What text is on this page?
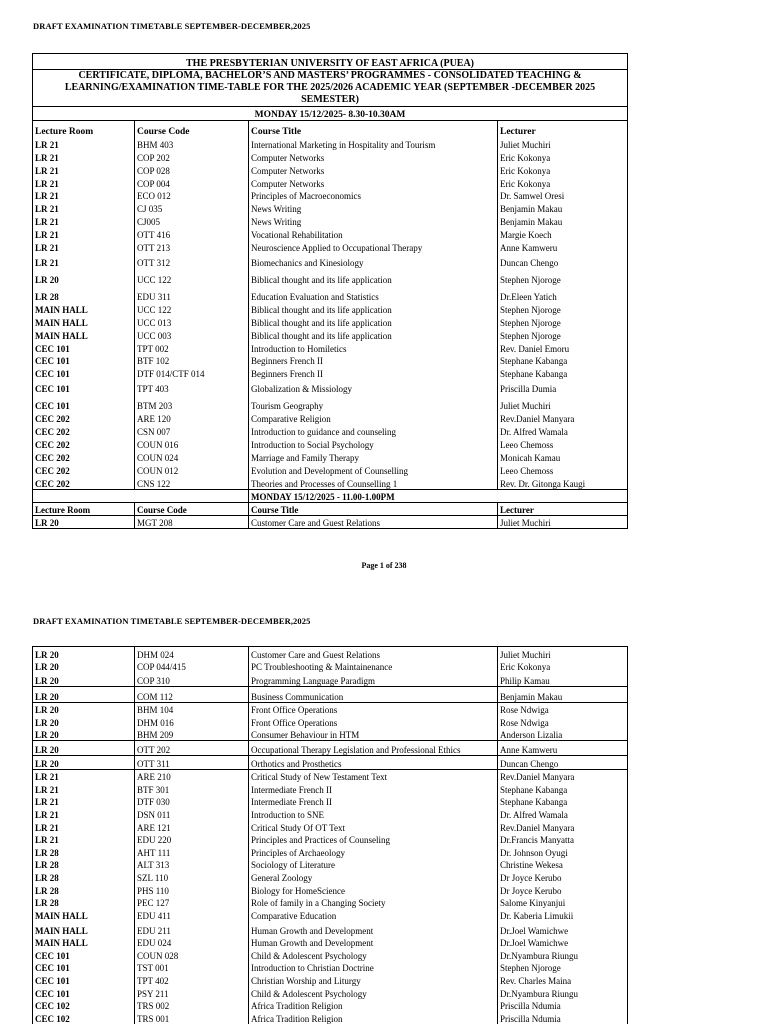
DRAFT EXAMINATION TIMETABLE SEPTEMBER-DECEMBER,2025
THE PRESBYTERIAN UNIVERSITY OF EAST AFRICA (PUEA)			

CERTIFICATE, DIPLOMA, BACHELOR’S AND MASTERS’ PROGRAMMES - CONSOLIDATED TEACHING &
LEARNING/EXAMINATION TIME-TABLE FOR THE 2025/2026 ACADEMIC YEAR (SEPTEMBER -DECEMBER 2025 SEMESTER)			

MONDAY 15/12/2025- 8.30-10.30AM			
Lecture Room	Course Code	Course Title	Lecturer
LR 21	BHM 403	International Marketing in Hospitality and Tourism	Juliet Muchiri
LR 21	COP 202	Computer Networks	Eric Kokonya
LR 21	COP 028	Computer Networks	Eric Kokonya
LR 21	COP 004	Computer Networks	Eric Kokonya
LR 21	ECO 012	Principles of Macroeconomics	Dr. Samwel Oresi
LR 21	CJ 035	News Writing	Benjamin Makau
LR 21	CJ005	News Writing	Benjamin Makau
LR 21	OTT 416	Vocational Rehabilitation	Margie Koech
LR 21	OTT 213	Neuroscience Applied to Occupational Therapy	Anne Kamweru
LR 21	OTT 312	Biomechanics and Kinesiology	Duncan Chengo
LR 20	UCC 122	Biblical thought and its life application	Stephen Njoroge
LR 28	EDU 311	Education Evaluation and Statistics	Dr.Eleen Yatich
MAIN HALL	UCC 122	Biblical thought and its life application	Stephen Njoroge
MAIN HALL	UCC 013	Biblical thought and its life application	Stephen Njoroge
MAIN HALL	UCC 003	Biblical thought and its life application	Stephen Njoroge
CEC 101	TPT 002	Introduction to Homiletics	Rev. Daniel Emoru
CEC 101	BTF 102	Beginners French II	Stephane Kabanga
CEC 101	DTF 014/CTF 014	Beginners French II	Stephane Kabanga
CEC 101	TPT 403	Globalization & Missiology	Priscilla Dumia
CEC 101	BTM 203	Tourism Geography	Juliet Muchiri
CEC 202	ARE 120	Comparative Religion	Rev.Daniel Manyara
CEC 202	CSN 007	Introduction to guidance and counseling	Dr. Alfred Wamala
CEC 202	COUN 016	Introduction to Social Psychology	Leeo Chemoss
CEC 202	COUN 024	Marriage and Family Therapy	Monicah Kamau
CEC 202	COUN 012	Evolution and Development of Counselling	Leeo Chemoss
CEC 202	CNS 122	Theories and Processes of Counselling 1	Rev. Dr. Gitonga Kaugi
		MONDAY 15/12/2025 - 11.00-1.00PM	
Lecture Room	Course Code	Course Title	Lecturer
LR 20	MGT 208	Customer Care and Guest Relations	Juliet Muchiri
Page 1 of 238
DRAFT EXAMINATION TIMETABLE SEPTEMBER-DECEMBER,2025
LR 20	DHM 024	Customer Care and Guest Relations	Juliet Muchiri
LR 20	COP 044/415	PC Troubleshooting & Maintainenance	Eric Kokonya
LR 20	COP 310	Programming Language Paradigm	Philip Kamau
LR 20	COM 112	Business Communication	Benjamin Makau
LR 20	BHM 104	Front Office Operations	Rose Ndwiga
LR 20	DHM 016	Front Office Operations	Rose Ndwiga
LR 20	BHM 209	Consumer Behaviour in HTM	Anderson Lizalia
LR 20	OTT 202	Occupational Therapy Legislation and Professional Ethics	Anne Kamweru
LR 20	OTT 311	Orthotics and Prosthetics	Duncan Chengo
LR 21	ARE 210	Critical Study of New Testament Text	Rev.Daniel Manyara
LR 21	BTF 301	Intermediate French II	Stephane Kabanga
LR 21	DTF 030	Intermediate French II	Stephane Kabanga
LR 21	DSN 011	Introduction to SNE	Dr. Alfred Wamala
LR 21	ARE 121	Critical Study Of OT Text	Rev.Daniel Manyara
LR 21	EDU 220	Principles and Practices of Counseling	Dr.Francis Manyatta
LR 28	AHT 111	Principles of Archaeology	Dr. Johnson Oyugi
LR 28	ALT 313	Sociology of Literature	Christine Wekesa
LR 28	SZL 110	General Zoology	Dr Joyce Kerubo
LR 28	PHS 110	Biology for HomeScience	Dr Joyce Kerubo
LR 28	PEC 127	Role of family in a Changing Society	Salome Kinyanjui
MAIN HALL	EDU 411	Comparative Education	Dr. Kaberia Limukii
MAIN HALL	EDU 211	Human Growth and Development	Dr.Joel Wamichwe
MAIN HALL	EDU 024	Human Growth and Development	Dr.Joel Wamichwe
CEC 101	COUN 028	Child & Adolescent Psychology	Dr.Nyambura Riungu
CEC 101	TST 001	Introduction to Christian Doctrine	Stephen Njoroge
CEC 101	TPT 402	Christian Worship and Liturgy	Rev. Charles Maina
CEC 101	PSY 211	Child & Adolescent Psychology	Dr.Nyambura Riungu
CEC 102	TRS 002	Africa Tradition Religion	Priscilla Ndumia
CEC 102	TRS 001	Africa Tradition Religion	Priscilla Ndumia
